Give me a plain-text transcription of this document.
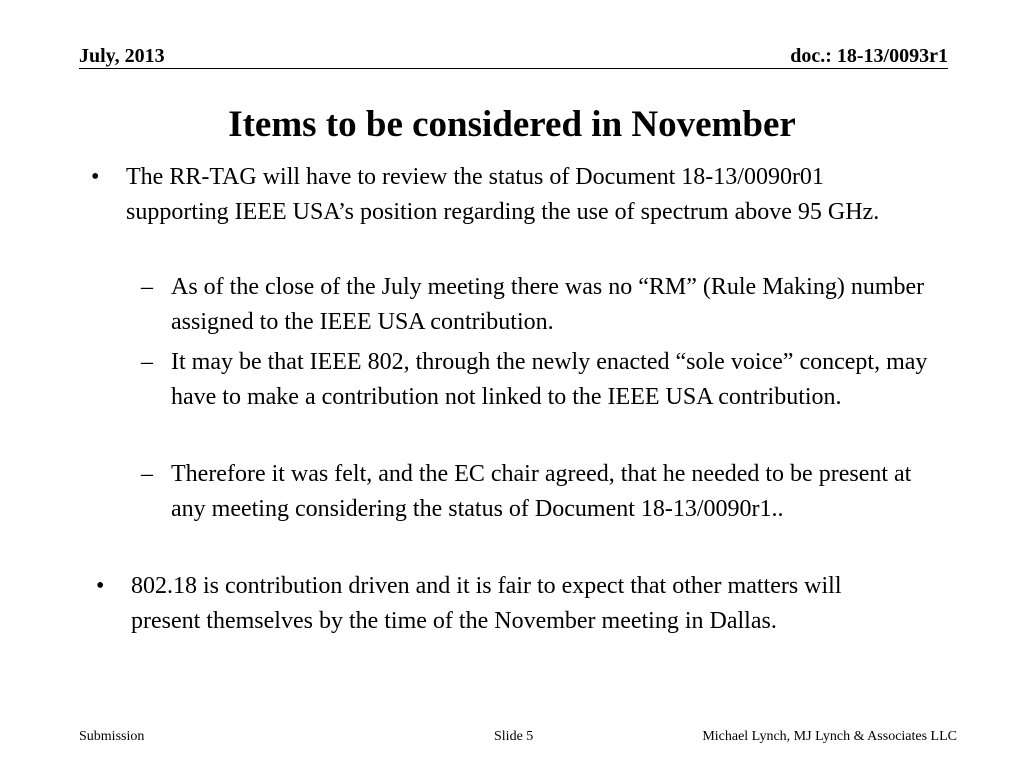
July, 2013	doc.: 18-13/0093r1
Items to be considered in November
• The RR-TAG will have to review the status of Document 18-13/0090r01 supporting IEEE USA’s position regarding the use of spectrum above 95 GHz.
– As of the close of the July meeting there was no “RM” (Rule Making) number assigned to the IEEE USA contribution.
– It may be that IEEE 802, through the newly enacted “sole voice” concept, may have to make a contribution not linked to the IEEE USA contribution.
– Therefore it was felt, and the EC chair agreed, that he needed to be present at any meeting considering the status of Document 18-13/0090r1..
• 802.18 is contribution driven and it is fair to expect that other matters will present themselves by the time of the November meeting in Dallas.
Submission	Slide 5	Michael Lynch, MJ Lynch & Associates LLC
